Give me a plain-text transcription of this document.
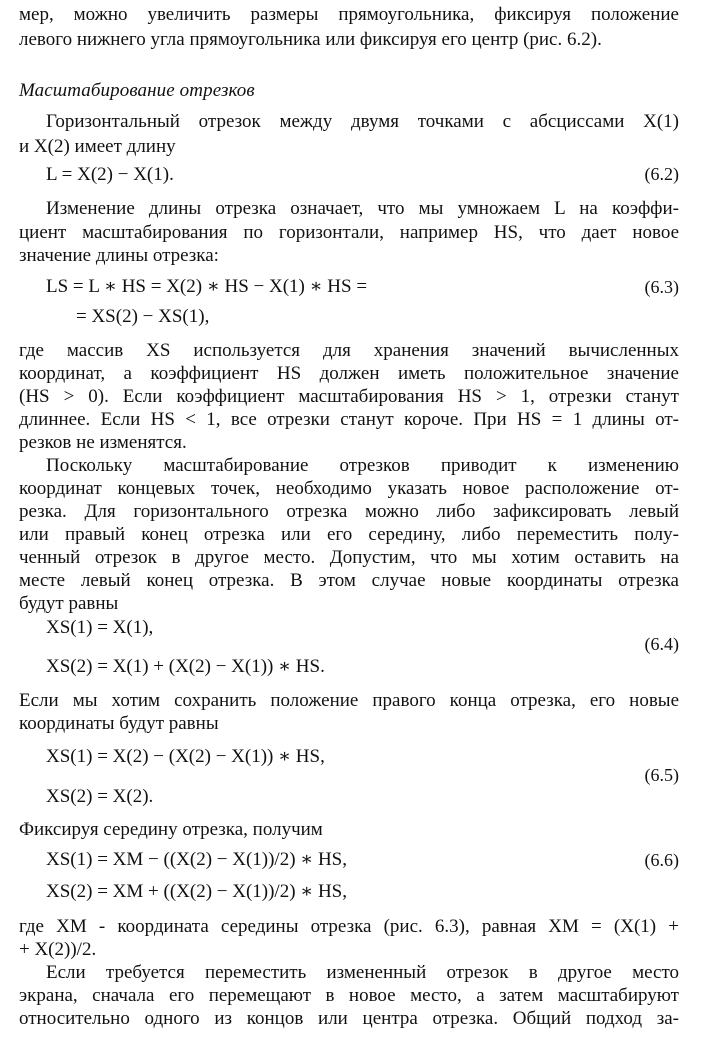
мер, можно увеличить размеры прямоугольника, фиксируя положение
левого нижнего угла прямоугольника или фиксируя его центр (рис. 6.2).
Масштабирование отрезков
Горизонтальный отрезок между двумя точками с абсциссами X(1)
и X(2) имеет длину
L = X(2) − X(1).	(6.2)
Изменение длины отрезка означает, что мы умножаем L на коэффи-
циент масштабирования по горизонтали, например HS, что дает новое
значение длины отрезка:
LS = L ∗ HS = X(2) ∗ HS − X(1) ∗ HS =	(6.3)
= XS(2) − XS(1),
где массив XS используется для хранения значений вычисленных
координат, а коэффициент HS должен иметь положительное значение
(HS > 0). Если коэффициент масштабирования HS > 1, отрезки станут
длиннее. Если HS < 1, все отрезки станут короче. При HS = 1 длины от-
резков не изменятся.
Поскольку масштабирование отрезков приводит к изменению
координат концевых точек, необходимо указать новое расположение от-
резка. Для горизонтального отрезка можно либо зафиксировать левый
или правый конец отрезка или его середину, либо переместить полу-
ченный отрезок в другое место. Допустим, что мы хотим оставить на
месте левый конец отрезка. В этом случае новые координаты отрезка
будут равны
XS(1) = X(1),
(6.4)
XS(2) = X(1) + (X(2) − X(1)) ∗ HS.
Если мы хотим сохранить положение правого конца отрезка, его новые
координаты будут равны
XS(1) = X(2) − (X(2) − X(1)) ∗ HS,
(6.5)
XS(2) = X(2).
Фиксируя середину отрезка, получим
XS(1) = XM − ((X(2) − X(1))/2) ∗ HS,	(6.6)
XS(2) = XM + ((X(2) − X(1))/2) ∗ HS,
где XM - координата середины отрезка (рис. 6.3), равная XM = (X(1) +
+ X(2))/2.
Если требуется переместить измененный отрезок в другое место
экрана, сначала его перемещают в новое место, а затем масштабируют
относительно одного из концов или центра отрезка. Общий подход за-
